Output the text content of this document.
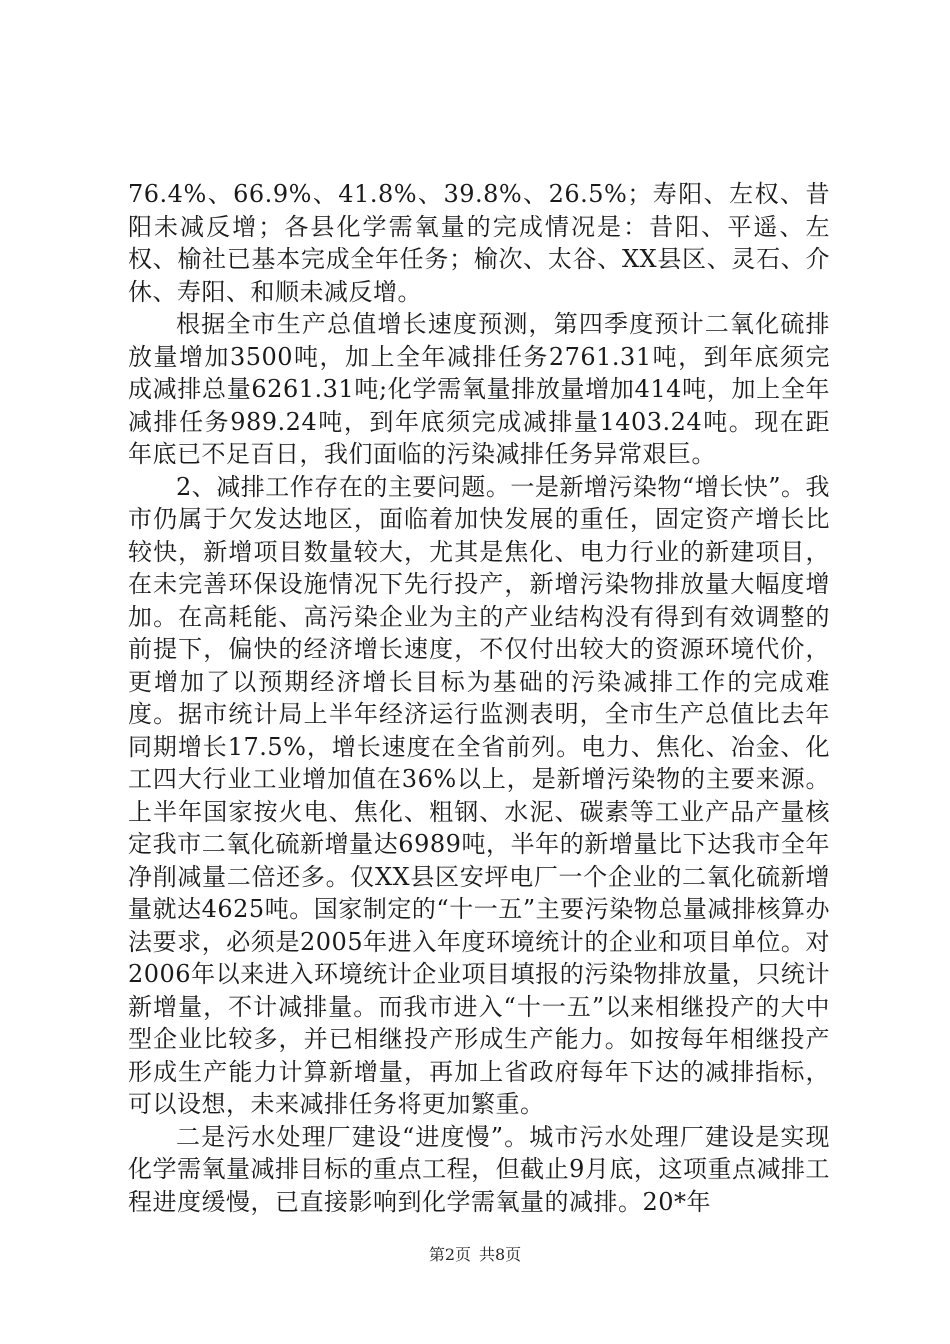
76.4%、66.9%、41.8%、39.8%、26.5%；寿阳、左权、昔阳未减反增；各县化学需氧量的完成情况是：昔阳、平遥、左权、榆社已基本完成全年任务；榆次、太谷、XX县区、灵石、介休、寿阳、和顺未减反增。

根据全市生产总值增长速度预测，第四季度预计二氧化硫排放量增加3500吨，加上全年减排任务2761.31吨，到年底须完成减排总量6261.31吨;化学需氧量排放量增加414吨，加上全年减排任务989.24吨，到年底须完成减排量1403.24吨。现在距年底已不足百日，我们面临的污染减排任务异常艰巨。

2、减排工作存在的主要问题。一是新增污染物“增长快”。我市仍属于欠发达地区，面临着加快发展的重任，固定资产增长比较快，新增项目数量较大，尤其是焦化、电力行业的新建项目，在未完善环保设施情况下先行投产，新增污染物排放量大幅度增加。在高耗能、高污染企业为主的产业结构没有得到有效调整的前提下，偏快的经济增长速度，不仅付出较大的资源环境代价，更增加了以预期经济增长目标为基础的污染减排工作的完成难度。据市统计局上半年经济运行监测表明，全市生产总值比去年同期增长17.5%，增长速度在全省前列。电力、焦化、冶金、化工四大行业工业增加值在36%以上，是新增污染物的主要来源。上半年国家按火电、焦化、粗钢、水泥、碳素等工业产品产量核定我市二氧化硫新增量达6989吨，半年的新增量比下达我市全年净削减量二倍还多。仅XX县区安坪电厂一个企业的二氧化硫新增量就达4625吨。国家制定的“十一五”主要污染物总量减排核算办法要求，必须是2005年进入年度环境统计的企业和项目单位。对2006年以来进入环境统计企业项目填报的污染物排放量，只统计新增量，不计减排量。而我市进入“十一五”以来相继投产的大中型企业比较多，并已相继投产形成生产能力。如按每年相继投产形成生产能力计算新增量，再加上省政府每年下达的减排指标，可以设想，未来减排任务将更加繁重。

二是污水处理厂建设“进度慢”。城市污水处理厂建设是实现化学需氧量减排目标的重点工程，但截止9月底，这项重点减排工程进度缓慢，已直接影响到化学需氧量的减排。20*年

第2页 共8页
